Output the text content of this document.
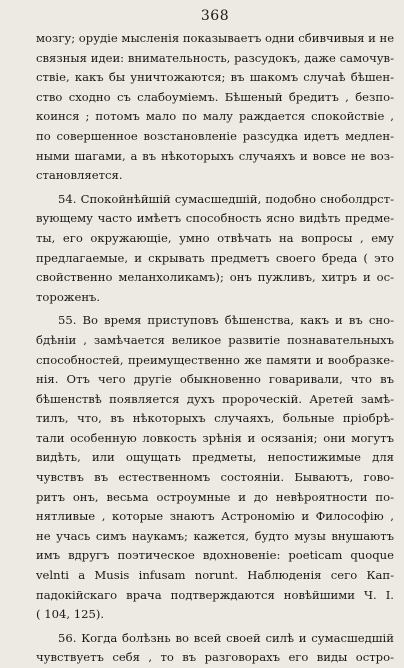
368
мозгу; орудіе мысленія показываетъ одни сбивчивыя и не
связныя идеи: внимательность, разсудокъ, даже самочув-
ствіе, какъ бы уничтожаются; въ шакомъ случаѣ бѣшен-
ство сходно съ слабоуміемъ. Бѣшеный бредитъ , безпо-
коинся ; потомъ мало по малу раждается спокойствіе ,
по совершенное возстановленіе разсудка идетъ медлен-
ными шагами, а въ нѣкоторыхъ случаяхъ и вовсе не воз-
становляется.
54. Спокойнѣйшій сумасшедшій, подобно сноболдрст-
вующему часто имѣетъ способность ясно видѣть предме-
ты, его окружающіе, умно отвѣчать на вопросы , ему
предлагаемые, и скрывать предметъ своего бреда ( это
свойственно меланхоликамъ); онъ пужливъ, хитръ и ос-
тороженъ.
55. Во время приступовъ бѣшенства, какъ и въ сно-
бдѣніи , замѣчается великое развитіе познавательныхъ
способностей, преимущественно же памяти и вообразке-
нія. Отъ чего другіе обыкновенно говаривали, что въ
бѣшенствѣ появляется духъ пророческій. Аретей замѣ-
тилъ, что, въ нѣкоторыхъ случаяхъ, больные пріобрѣ-
тали особенную ловкость зрѣнія и осязанія; они могутъ
видѣть, или ощущать предметы, непостижимые для
чувствъ въ естественномъ состояніи. Бываютъ, гово-
ритъ онъ, весьма остроумные и до невѣроятности по-
нятливые , которые знаютъ Астрономію и Философію ,
не учась симъ наукамъ; кажется, будто музы внушаютъ
имъ вдругъ поэтическое вдохновеніе: poeticam quoque
velnti a Musis infusam norunt. Наблюденія сего Кап-
падокійскаго врача подтверждаются новѣйшими Ч. I.
( 104, 125).
56. Когда болѣзнь во всей своей силѣ и сумасшедшій
чувствуетъ себя , то въ разговорахъ его виды остро-
